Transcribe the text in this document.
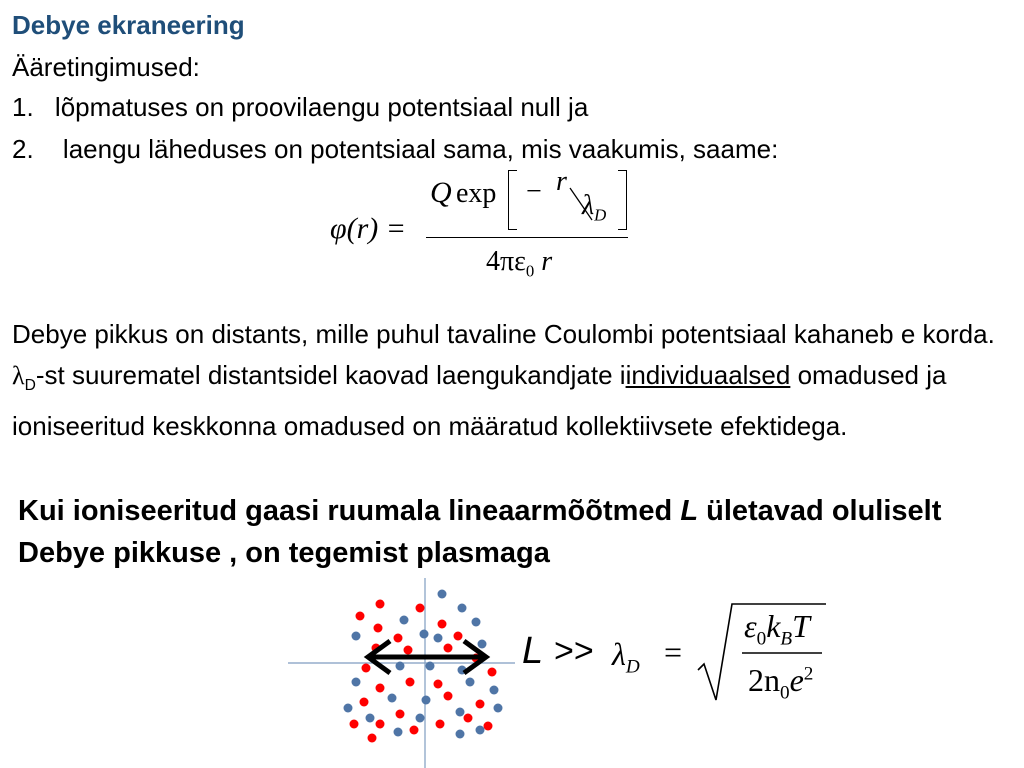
Debye ekraneering
Ääretingimused:
1. lõpmatuses on proovilaengu potentsiaal null ja
2. laengu läheduses on potentsiaal sama, mis vaakumis, saame:
φ(r) =
Q exp − r
$\lambda_D$
$4\pi\varepsilon_0$ r
Debye pikkus on distants, mille puhul tavaline Coulombi potentsiaal kahaneb e korda. $\lambda_D-st$ suurematel distantsidel kaovad laengukandjate iindividuaalsed omadused ja ioniseeritud keskkonna omadused on määratud kollektiivsete efektidega.
Kui ioniseeritud gaasi ruumala lineaarmõõtmed L ületavad oluliselt Debye pikkuse , on tegemist plasmaga
$L >> \lambda_D$ =
$\varepsilon_0k_BT$
$2n_0e^2$
